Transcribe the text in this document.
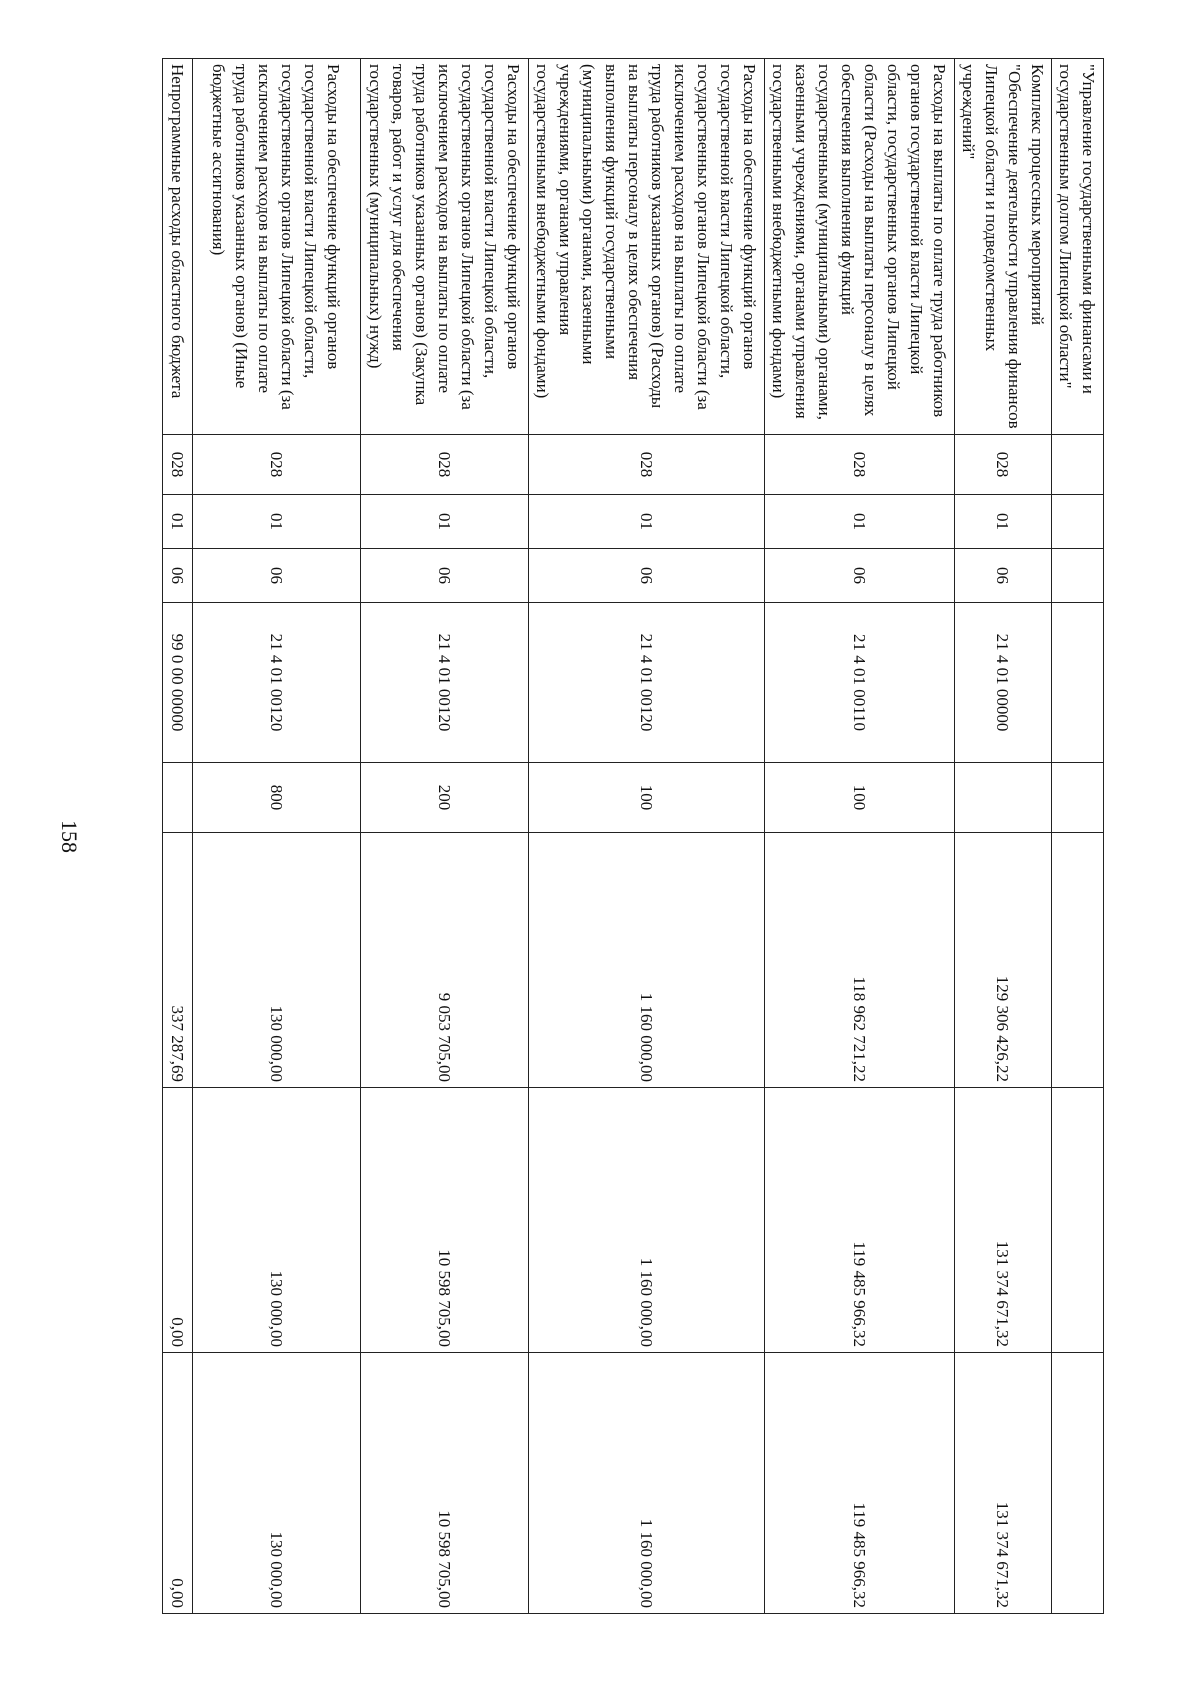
158
"Управление государственными финансами и государственным долгом Липецкой области"								
Комплекс процессных мероприятий "Обеспечение деятельности управления финансов Липецкой области и подведомственных учреждений"	028	01	06	21 4 01 00000		129 306 426,22	131 374 671,32	131 374 671,32
Расходы на выплаты по оплате труда работников органов государственной власти Липецкой области, государственных органов Липецкой области (Расходы на выплаты персоналу в целях обеспечения выполнения функций государственными (муниципальными) органами, казенными учреждениями, органами управления государственными внебюджетными фондами)	028	01	06	21 4 01 00110	100	118 962 721,22	119 485 966,32	119 485 966,32
Расходы на обеспечение функций органов государственной власти Липецкой области, государственных органов Липецкой области (за исключением расходов на выплаты по оплате труда работников указанных органов) (Расходы на выплаты персоналу в целях обеспечения выполнения функций государственными (муниципальными) органами, казенными учреждениями, органами управления государственными внебюджетными фондами)	028	01	06	21 4 01 00120	100	1 160 000,00	1 160 000,00	1 160 000,00
Расходы на обеспечение функций органов государственной власти Липецкой области, государственных органов Липецкой области (за исключением расходов на выплаты по оплате труда работников указанных органов) (Закупка товаров, работ и услуг для обеспечения государственных (муниципальных) нужд)	028	01	06	21 4 01 00120	200	9 053 705,00	10 598 705,00	10 598 705,00
Расходы на обеспечение функций органов государственной власти Липецкой области, государственных органов Липецкой области (за исключением расходов на выплаты по оплате труда работников указанных органов) (Иные бюджетные ассигнования)	028	01	06	21 4 01 00120	800	130 000,00	130 000,00	130 000,00
Непрограммные расходы областного бюджета	028	01	06	99 0 00 00000		337 287,69	0,00	0,00
